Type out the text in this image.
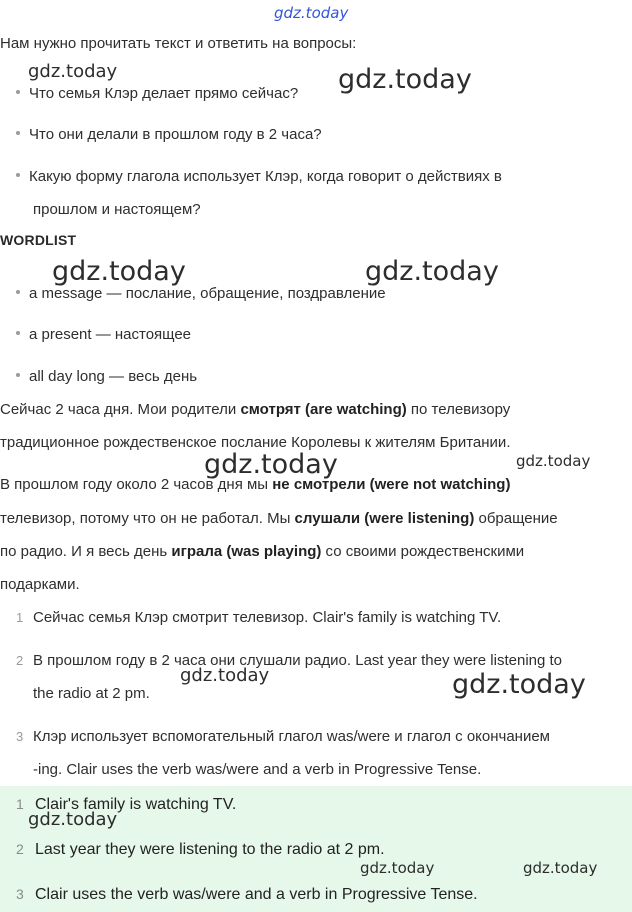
gdz.today
Нам нужно прочитать текст и ответить на вопросы:
Что семья Клэр делает прямо сейчас?
Что они делали в прошлом году в 2 часа?
Какую форму глагола использует Клэр, когда говорит о действиях в
прошлом и настоящем?
WORDLIST
a message — послание, обращение, поздравление
a present — настоящее
all day long — весь день
Сейчас 2 часа дня. Мои родители смотрят (are watching) по телевизору
традиционное рождественское послание Королевы к жителям Британии.
В прошлом году около 2 часов дня мы не смотрели (were not watching)
телевизор, потому что он не работал. Мы слушали (were listening) обращение
по радио. И я весь день играла (was playing) со своими рождественскими
подарками.
1 Сейчас семья Клэр смотрит телевизор. Clair's family is watching TV.
2 В прошлом году в 2 часа они слушали радио. Last year they were listening to
the radio at 2 pm.
3 Клэр использует вспомогательный глагол was/were и глагол с окончанием
-ing. Clair uses the verb was/were and a verb in Progressive Tense.
1 Clair's family is watching TV.
2 Last year they were listening to the radio at 2 pm.
3 Clair uses the verb was/were and a verb in Progressive Tense.
gdz.today	gdz.today
gdz.today	gdz.today
gdz.today	gdz.today
gdz.today	gdz.today
gdz.today
gdz.today	gdz.today
